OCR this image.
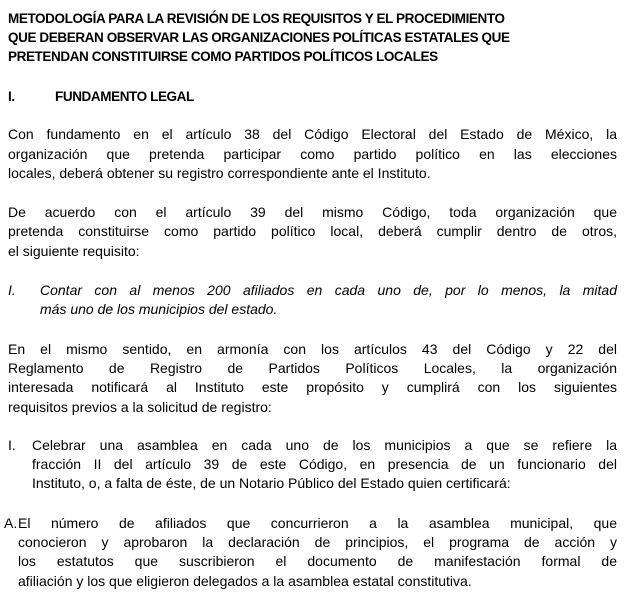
METODOLOGÍA PARA LA REVISIÓN DE LOS REQUISITOS Y EL PROCEDIMIENTO
QUE DEBERAN OBSERVAR LAS ORGANIZACIONES POLÍTICAS ESTATALES QUE
PRETENDAN CONSTITUIRSE COMO PARTIDOS POLÍTICOS LOCALES
I.	FUNDAMENTO LEGAL
Con fundamento en el artículo 38 del Código Electoral del Estado de México, la
organización que pretenda participar como partido político en las elecciones
locales, deberá obtener su registro correspondiente ante el Instituto.
De acuerdo con el artículo 39 del mismo Código, toda organización que
pretenda constituirse como partido político local, deberá cumplir dentro de otros,
el siguiente requisito:
I.	Contar con al menos 200 afiliados en cada uno de, por lo menos, la mitad
más uno de los municipios del estado.
En el mismo sentido, en armonía con los artículos 43 del Código y 22 del
Reglamento de Registro de Partidos Políticos Locales, la organización
interesada notificará al Instituto este propósito y cumplirá con los siguientes
requisitos previos a la solicitud de registro:
I.	Celebrar una asamblea en cada uno de los municipios a que se refiere la
fracción II del artículo 39 de este Código, en presencia de un funcionario del
Instituto, o, a falta de éste, de un Notario Público del Estado quien certificará:
A. El número de afiliados que concurrieron a la asamblea municipal, que
conocieron y aprobaron la declaración de principios, el programa de acción y
los estatutos que suscribieron el documento de manifestación formal de
afiliación y los que eligieron delegados a la asamblea estatal constitutiva.
